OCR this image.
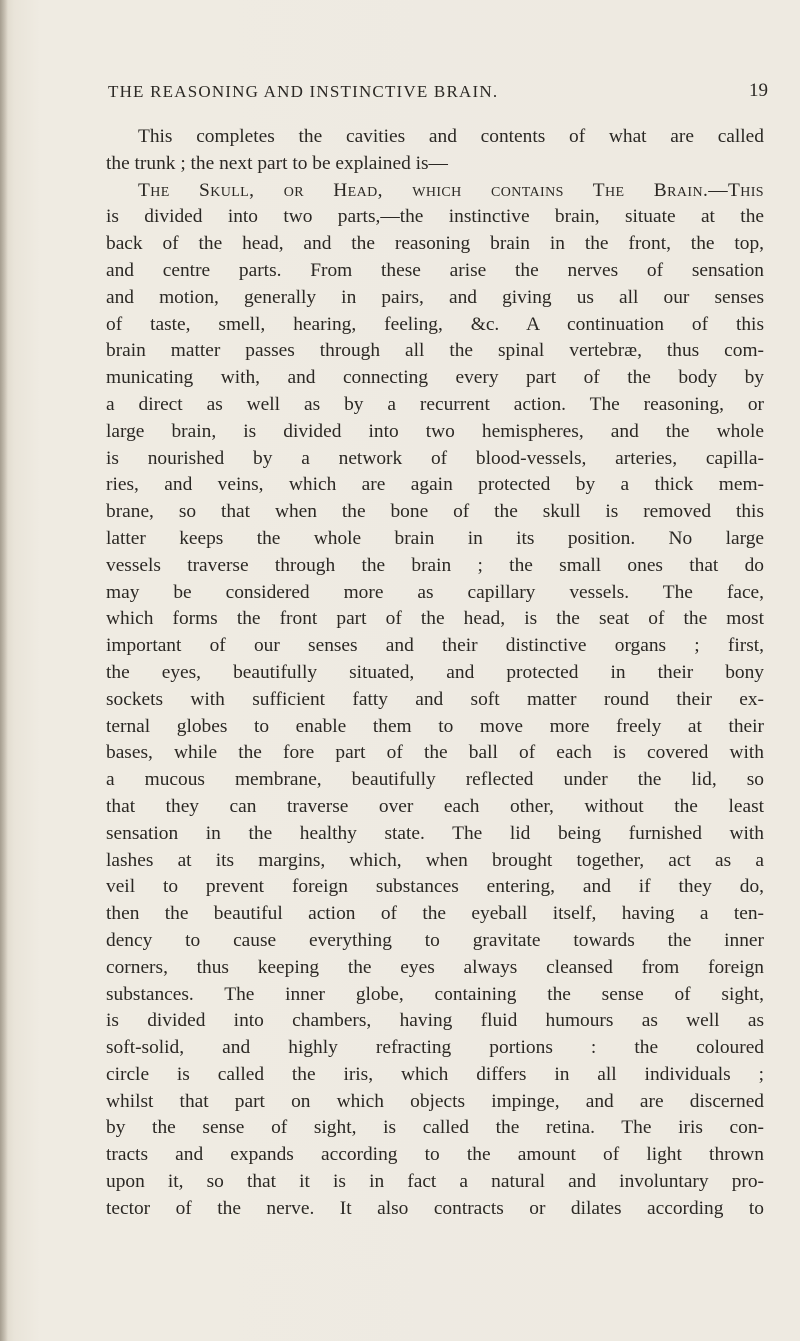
THE REASONING AND INSTINCTIVE BRAIN.	19
This completes the cavities and contents of what are called
the trunk ; the next part to be explained is—
The Skull, or Head, which contains The Brain.—This
is divided into two parts,—the instinctive brain, situate at the
back of the head, and the reasoning brain in the front, the top,
and centre parts. From these arise the nerves of sensation
and motion, generally in pairs, and giving us all our senses
of taste, smell, hearing, feeling, &c. A continuation of this
brain matter passes through all the spinal vertebræ, thus com-
municating with, and connecting every part of the body by
a direct as well as by a recurrent action. The reasoning, or
large brain, is divided into two hemispheres, and the whole
is nourished by a network of blood-vessels, arteries, capilla-
ries, and veins, which are again protected by a thick mem-
brane, so that when the bone of the skull is removed this
latter keeps the whole brain in its position. No large
vessels traverse through the brain ; the small ones that do
may be considered more as capillary vessels. The face,
which forms the front part of the head, is the seat of the most
important of our senses and their distinctive organs ; first,
the eyes, beautifully situated, and protected in their bony
sockets with sufficient fatty and soft matter round their ex-
ternal globes to enable them to move more freely at their
bases, while the fore part of the ball of each is covered with
a mucous membrane, beautifully reflected under the lid, so
that they can traverse over each other, without the least
sensation in the healthy state. The lid being furnished with
lashes at its margins, which, when brought together, act as a
veil to prevent foreign substances entering, and if they do,
then the beautiful action of the eyeball itself, having a ten-
dency to cause everything to gravitate towards the inner
corners, thus keeping the eyes always cleansed from foreign
substances. The inner globe, containing the sense of sight,
is divided into chambers, having fluid humours as well as
soft-solid, and highly refracting portions : the coloured
circle is called the iris, which differs in all individuals ;
whilst that part on which objects impinge, and are discerned
by the sense of sight, is called the retina. The iris con-
tracts and expands according to the amount of light thrown
upon it, so that it is in fact a natural and involuntary pro-
tector of the nerve. It also contracts or dilates according to
